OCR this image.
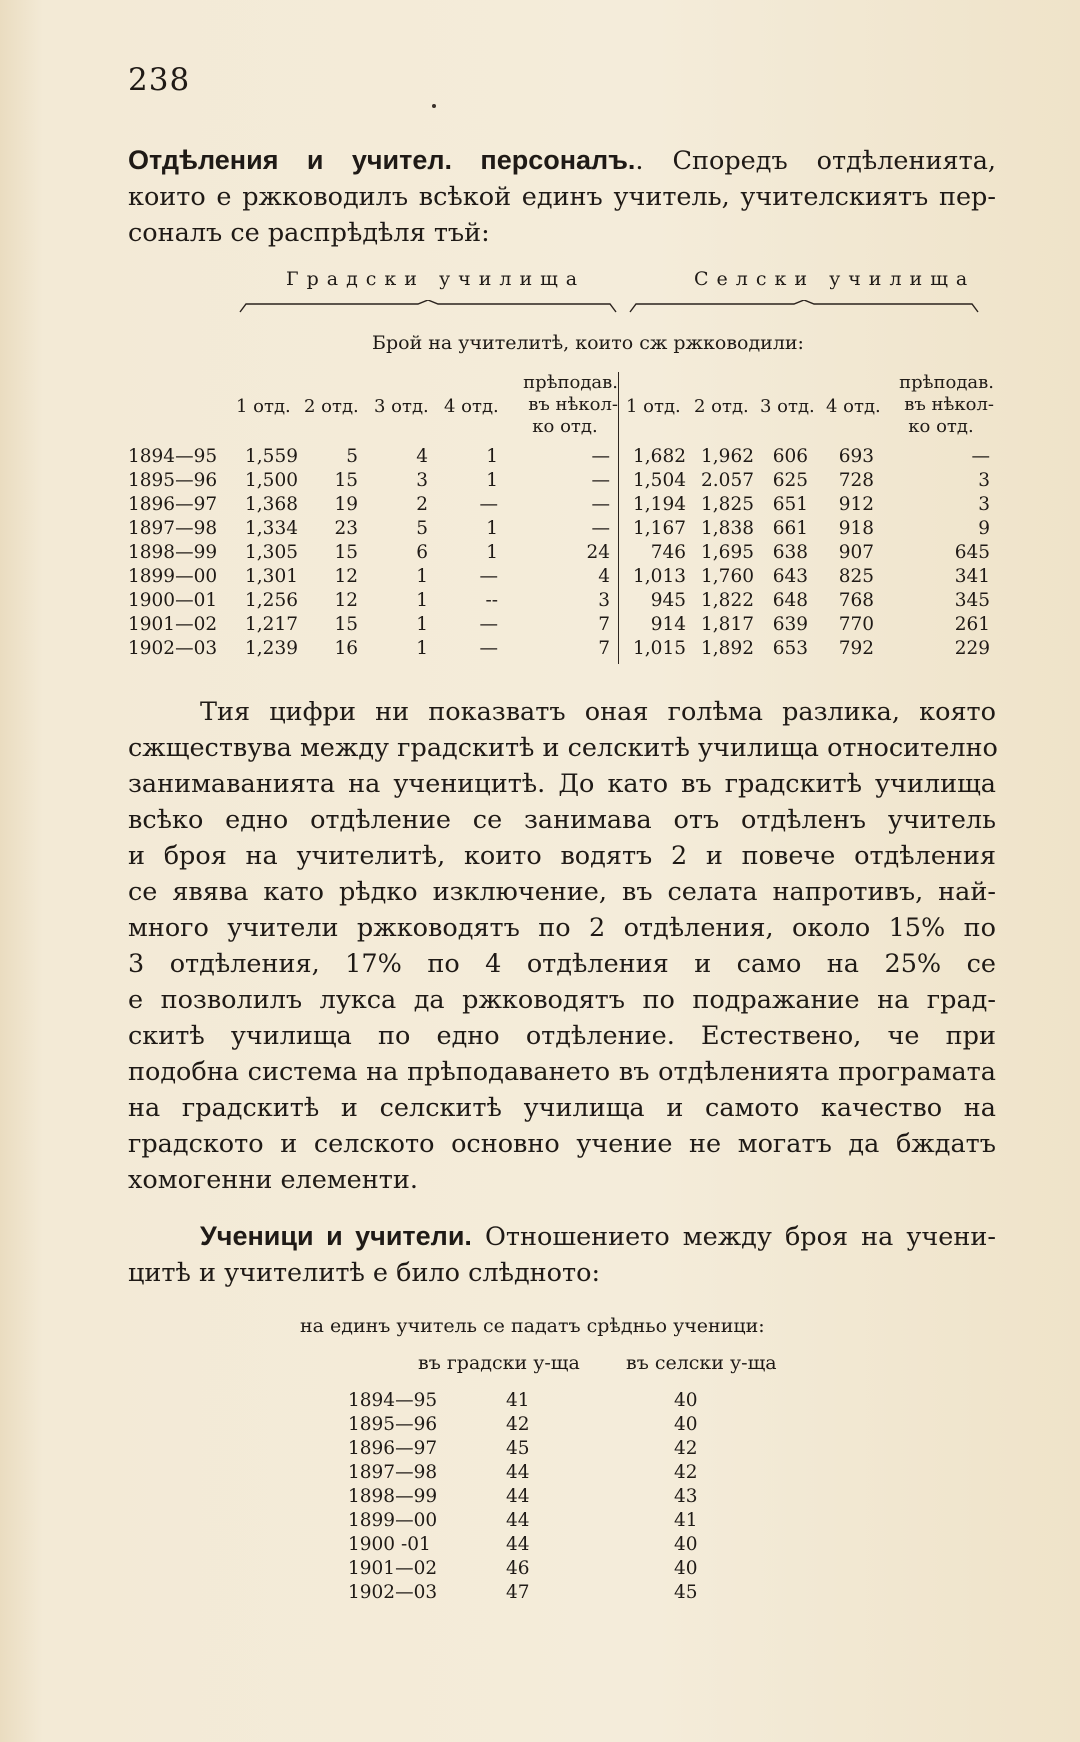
238
Отдѣления и учител. персоналъ.. Споредъ отдѣленията,
които е ржководилъ всѣкой единъ учитель, учителскиятъ пер-
соналъ се распрѣдѣля тъй:
Градски училища	Селски училища
Брой на учителитѣ, които сж ржководили:
прѣподав.
въ нѣкол-
ко отд.
1 отд. 2 отд. 3 отд. 4 отд.
прѣподав.
въ нѣкол-
ко отд.
1 отд. 2 отд. 3 отд. 4 отд.
1894—95	1,559	5	4	1	—	1,682 1,962	606	693	—
1895—96	1,500	15	3	1	—	1,504 2.057	625	728	3
1896—97	1,368	19	2	—	—	1,194 1,825	651	912	3
1897—98	1,334	23	5	1	—	1,167 1,838	661	918	9
1898—99	1,305	15	6	1	24	746 1,695	638	907	645
1899—00	1,301	12	1	—	4	1,013 1,760	643	825	341
1900—01	1,256	12	1	--	3	945 1,822	648	768	345
1901—02	1,217	15	1	—	7	914 1,817	639	770	261
1902—03	1,239	16	1	—	7	1,015 1,892	653	792	229
Тия цифри ни показватъ оная голѣма разлика, която
сжществува между градскитѣ и селскитѣ училища относително
занимаванията на ученицитѣ. До като въ градскитѣ училища
всѣко едно отдѣление се занимава отъ отдѣленъ учитель
и броя на учителитѣ, които водятъ 2 и повече отдѣления
се явява като рѣдко изключение, въ селата напротивъ, най-
много учители ржководятъ по 2 отдѣления, около 15% по
3 отдѣления, 17% по 4 отдѣления и само на 25% се
е позволилъ лукса да ржководятъ по подражание на град-
скитѣ училища по едно отдѣление. Естествено, че при
подобна система на прѣподаването въ отдѣленията програмата
на градскитѣ и селскитѣ училища и самото качество на
градското и селското основно учение не могатъ да бждатъ
хомогенни елементи.
Ученици и учители. Отношението между броя на учени-
цитѣ и учителитѣ е било слѣдното:
на единъ учитель се падатъ срѣдньо ученици:
въ градски у-ща въ селски у-ща
1894—95	41	40
1895—96	42	40
1896—97	45	42
1897—98	44	42
1898—99	44	43
1899—00	44	41
1900 -01	44	40
1901—02	46	40
1902—03	47	45
